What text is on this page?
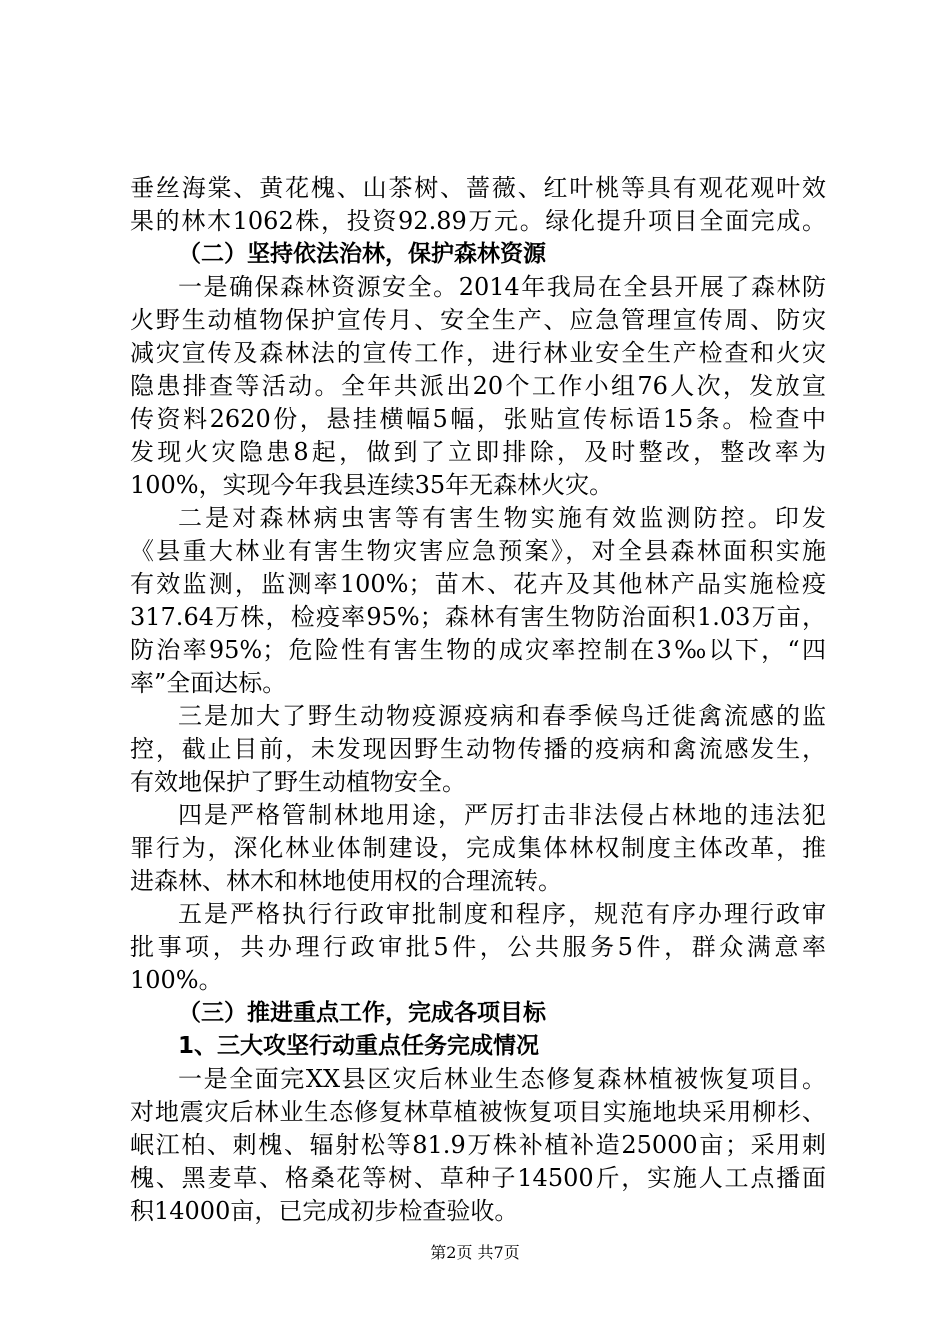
垂丝海棠、黄花槐、山茶树、蔷薇、红叶桃等具有观花观叶效
果的林木1062株，投资92.89万元。绿化提升项目全面完成。
（二）坚持依法治林，保护森林资源
一是确保森林资源安全。2014年我局在全县开展了森林防
火野生动植物保护宣传月、安全生产、应急管理宣传周、防灾
减灾宣传及森林法的宣传工作，进行林业安全生产检查和火灾
隐患排查等活动。全年共派出20个工作小组76人次，发放宣
传资料2620份，悬挂横幅5幅，张贴宣传标语15条。检查中
发现火灾隐患8起，做到了立即排除，及时整改，整改率为
100%，实现今年我县连续35年无森林火灾。
二是对森林病虫害等有害生物实施有效监测防控。印发
《县重大林业有害生物灾害应急预案》，对全县森林面积实施
有效监测，监测率100%；苗木、花卉及其他林产品实施检疫
317.64万株，检疫率95%；森林有害生物防治面积1.03万亩，
防治率95%；危险性有害生物的成灾率控制在3‰以下，“四
率”全面达标。
三是加大了野生动物疫源疫病和春季候鸟迁徙禽流感的监
控，截止目前，未发现因野生动物传播的疫病和禽流感发生，
有效地保护了野生动植物安全。
四是严格管制林地用途，严厉打击非法侵占林地的违法犯
罪行为，深化林业体制建设，完成集体林权制度主体改革，推
进森林、林木和林地使用权的合理流转。
五是严格执行行政审批制度和程序，规范有序办理行政审
批事项，共办理行政审批5件，公共服务5件，群众满意率
100%。
（三）推进重点工作，完成各项目标
1、三大攻坚行动重点任务完成情况
一是全面完XX县区灾后林业生态修复森林植被恢复项目。
对地震灾后林业生态修复林草植被恢复项目实施地块采用柳杉、
岷江柏、刺槐、辐射松等81.9万株补植补造25000亩；采用刺
槐、黑麦草、格桑花等树、草种子14500斤，实施人工点播面
积14000亩，已完成初步检查验收。
第2页 共7页
